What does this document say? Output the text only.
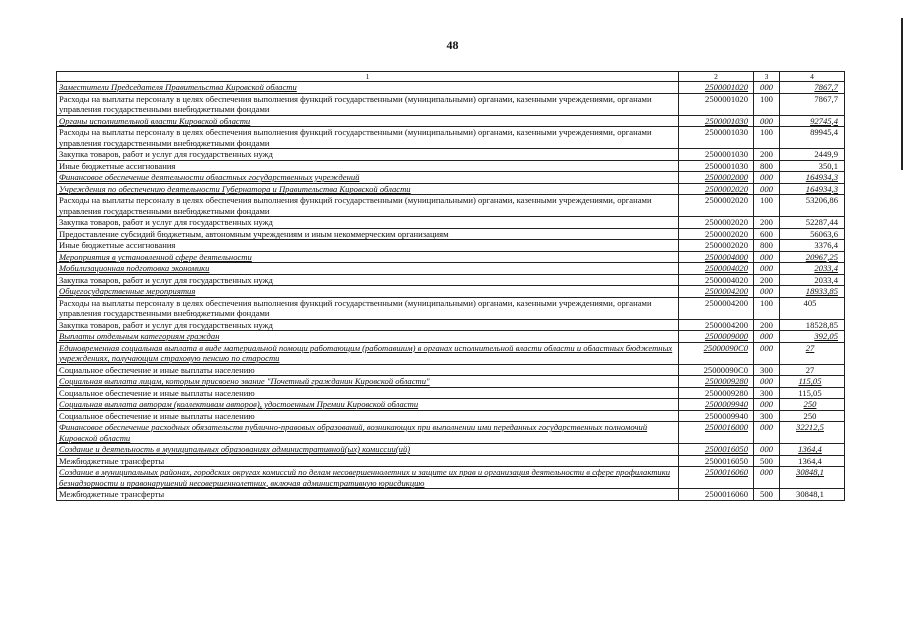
48
1	2	3	4
Заместители Председателя Правительства Кировской области	2500001020	000	7867,7
Расходы на выплаты персоналу в целях обеспечения выполнения функций государственными (муниципальными) органами, казенными учреждениями, органами управления государственными внебюджетными фондами	2500001020	100	7867,7
Органы исполнительной власти Кировской области	2500001030	000	92745,4
Расходы на выплаты персоналу в целях обеспечения выполнения функций государственными (муниципальными) органами, казенными учреждениями, органами управления государственными внебюджетными фондами	2500001030	100	89945,4
Закупка товаров, работ и услуг для государственных нужд	2500001030	200	2449,9
Иные бюджетные ассигнования	2500001030	800	350,1
Финансовое обеспечение деятельности областных государственных учреждений	2500002000	000	164934,3
Учреждения по обеспечению деятельности Губернатора и Правительства Кировской области	2500002020	000	164934,3
Расходы на выплаты персоналу в целях обеспечения выполнения функций государственными (муниципальными) органами, казенными учреждениями, органами управления государственными внебюджетными фондами	2500002020	100	53206,86
Закупка товаров, работ и услуг для государственных нужд	2500002020	200	52287,44
Предоставление субсидий бюджетным, автономным учреждениям и иным некоммерческим организациям	2500002020	600	56063,6
Иные бюджетные ассигнования	2500002020	800	3376,4
Мероприятия в установленной сфере деятельности	2500004000	000	20967,25
Мобилизационная подготовка экономики	2500004020	000	2033,4
Закупка товаров, работ и услуг для государственных нужд	2500004020	200	2033,4
Общегосударственные мероприятия	2500004200	000	18933,85
Расходы на выплаты персоналу в целях обеспечения выполнения функций государственными (муниципальными) органами, казенными учреждениями, органами управления государственными внебюджетными фондами	2500004200	100	405
Закупка товаров, работ и услуг для государственных нужд	2500004200	200	18528,85
Выплаты отдельным категориям граждан	2500009000	000	392,05
Единовременная социальная выплата в виде материальной помощи работающим (работавшим) в органах исполнительной власти области и областных бюджетных учреждениях, получающим страховую пенсию по старости	25000090С0	000	27
Социальное обеспечение и иные выплаты населению	25000090С0	300	27
Социальная выплата лицам, которым присвоено звание "Почетный гражданин Кировской области"	2500009280	000	115,05
Социальное обеспечение и иные выплаты населению	2500009280	300	115,05
Социальная выплата авторам (коллективам авторов), удостоенным Премии Кировской области	2500009940	000	250
Социальное обеспечение и иные выплаты населению	2500009940	300	250
Финансовое обеспечение расходных обязательств публично-правовых образований, возникающих при выполнении ими переданных государственных полномочий Кировской области	2500016000	000	32212,5
Создание и деятельность в муниципальных образованиях административной(ых) комиссии(ий)	2500016050	000	1364,4
Межбюджетные трансферты	2500016050	500	1364,4
Создание в муниципальных районах, городских округах комиссий по делам несовершеннолетних и защите их прав и организация деятельности в сфере профилактики безнадзорности и правонарушений несовершеннолетних, включая административную юрисдикцию	2500016060	000	30848,1
Межбюджетные трансферты	2500016060	500	30848,1
